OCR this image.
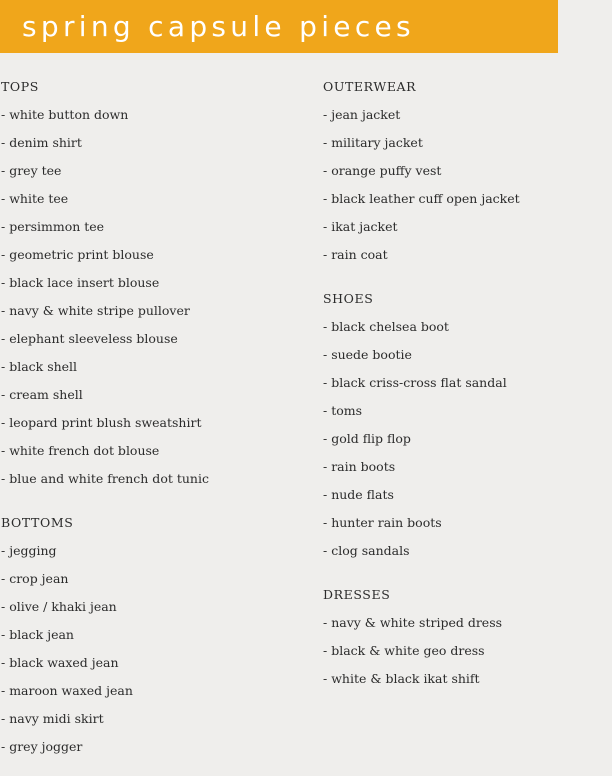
spring capsule pieces
TOPS
- white button down
- denim shirt
- grey tee
- white tee
- persimmon tee
- geometric print blouse
- black lace insert blouse
- navy & white stripe pullover
- elephant sleeveless blouse
- black shell
- cream shell
- leopard print blush sweatshirt
- white french dot blouse
- blue and white french dot tunic
BOTTOMS
- jegging
- crop jean
- olive / khaki jean
- black jean
- black waxed jean
- maroon waxed jean
- navy midi skirt
- grey jogger
OUTERWEAR
- jean jacket
- military jacket
- orange puffy vest
- black leather cuff open jacket
- ikat jacket
- rain coat
SHOES
- black chelsea boot
- suede bootie
- black criss-cross flat sandal
- toms
- gold flip flop
- rain boots
- nude flats
- hunter rain boots
- clog sandals
DRESSES
- navy & white striped dress
- black & white geo dress
- white & black ikat shift
